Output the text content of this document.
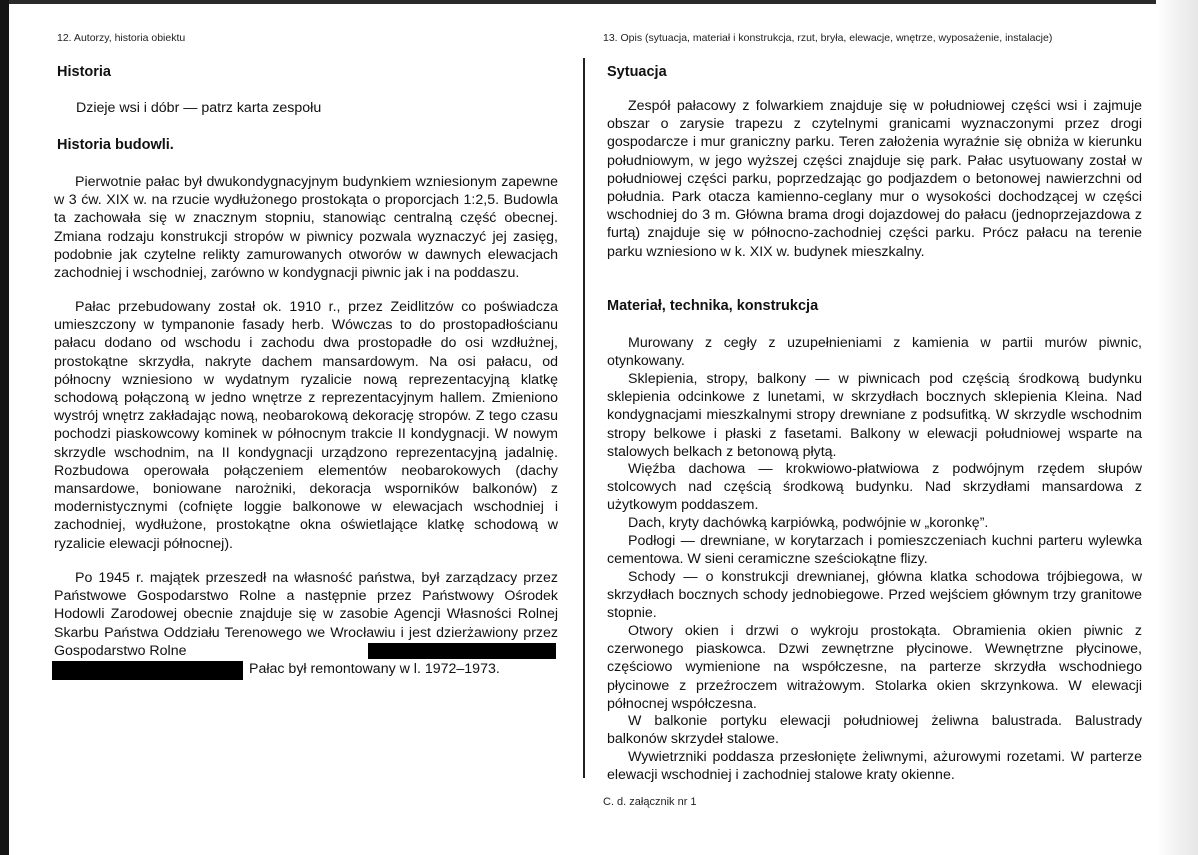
12. Autorzy, historia obiektu
Historia
Dzieje wsi i dóbr — patrz karta zespołu
Historia budowli.

Pierwotnie pałac był dwukondygnacyjnym budynkiem wzniesionym zapewne w 3 ćw. XIX w. na rzucie wydłużonego prostokąta o proporcjach 1:2,5. Budowla ta zachowała się w znacznym stopniu, stanowiąc centralną część obecnej. Zmiana rodzaju konstrukcji stropów w piwnicy pozwala wyznaczyć jej zasięg, podobnie jak czytelne relikty zamurowanych otworów w dawnych elewacjach zachodniej i wschodniej, zarówno w kondygnacji piwnic jak i na poddaszu.

Pałac przebudowany został ok. 1910 r., przez Zeidlitzów co poświadcza umieszczony w tympanonie fasady herb. Wówczas to do prostopadłościanu pałacu dodano od wschodu i zachodu dwa prostopadłe do osi wzdłużnej, prostokątne skrzydła, nakryte dachem mansardowym. Na osi pałacu, od północny wzniesiono w wydatnym ryzalicie nową reprezentacyjną klatkę schodową połączoną w jedno wnętrze z reprezentacyjnym hallem. Zmieniono wystrój wnętrz zakładając nową, neobarokową dekorację stropów. Z tego czasu pochodzi piaskowcowy kominek w północnym trakcie II kondygnacji. W nowym skrzydle wschodnim, na II kondygnacji urządzono reprezentacyjną jadalnię. Rozbudowa operowała połączeniem elementów neobarokowych (dachy mansardowe, boniowane narożniki, dekoracja wsporników balkonów) z modernistycznymi (cofnięte loggie balkonowe w elewacjach wschodniej i zachodniej, wydłużone, prostokątne okna oświetlające klatkę schodową w ryzalicie elewacji północnej).

Po 1945 r. majątek przeszedł na własność państwa, był zarządzacy przez Państwowe Gospodarstwo Rolne a następnie przez Państwowy Ośrodek Hodowli Zarodowej obecnie znajduje się w zasobie Agencji Własności Rolnej Skarbu Państwa Oddziału Terenowego we Wrocławiu i jest dzierżawiony przez Gospodarstwo Rolne

Pałac był remontowany w l. 1972–1973.
13. Opis (sytuacja, materiał i konstrukcja, rzut, bryła, elewacje, wnętrze, wyposażenie, instalacje)
Sytuacja

Zespół pałacowy z folwarkiem znajduje się w południowej części wsi i zajmuje obszar o zarysie trapezu z czytelnymi granicami wyznaczonymi przez drogi gospodarcze i mur graniczny parku. Teren założenia wyraźnie się obniża w kierunku południowym, w jego wyższej części znajduje się park. Pałac usytuowany został w południowej części parku, poprzedzając go podjazdem o betonowej nawierzchni od południa. Park otacza kamienno-ceglany mur o wysokości dochodzącej w części wschodniej do 3 m. Główna brama drogi dojazdowej do pałacu (jednoprzejazdowa z furtą) znajduje się w północno-zachodniej części parku. Prócz pałacu na terenie parku wzniesiono w k. XIX w. budynek mieszkalny.

Materiał, technika, konstrukcja

Murowany z cegły z uzupełnieniami z kamienia w partii murów piwnic, otynkowany.

Sklepienia, stropy, balkony — w piwnicach pod częścią środkową budynku sklepienia odcinkowe z lunetami, w skrzydłach bocznych sklepienia Kleina. Nad kondygnacjami mieszkalnymi stropy drewniane z podsufitką. W skrzydle wschodnim stropy belkowe i płaski z fasetami. Balkony w elewacji południowej wsparte na stalowych belkach z betonową płytą.

Więźba dachowa — krokwiowo-płatwiowa z podwójnym rzędem słupów stolcowych nad częścią środkową budynku. Nad skrzydłami mansardowa z użytkowym poddaszem.

Dach, kryty dachówką karpiówką, podwójnie w „koronkę”.

Podłogi — drewniane, w korytarzach i pomieszczeniach kuchni parteru wylewka cementowa. W sieni ceramiczne sześciokątne flizy.

Schody — o konstrukcji drewnianej, główna klatka schodowa trójbiegowa, w skrzydłach bocznych schody jednobiegowe. Przed wejściem głównym trzy granitowe stopnie.

Otwory okien i drzwi o wykroju prostokąta. Obramienia okien piwnic z czerwonego piaskowca. Dzwi zewnętrzne płycinowe. Wewnętrzne płycinowe, częściowo wymienione na współczesne, na parterze skrzydła wschodniego płycinowe z przeźroczem witrażowym. Stolarka okien skrzynkowa. W elewacji północnej współczesna.

W balkonie portyku elewacji południowej żeliwna balustrada. Balustrady balkonów skrzydeł stalowe.

Wywietrzniki poddasza przesłonięte żeliwnymi, ażurowymi rozetami. W parterze elewacji wschodniej i zachodniej stalowe kraty okienne.

C. d. załącznik nr 1
